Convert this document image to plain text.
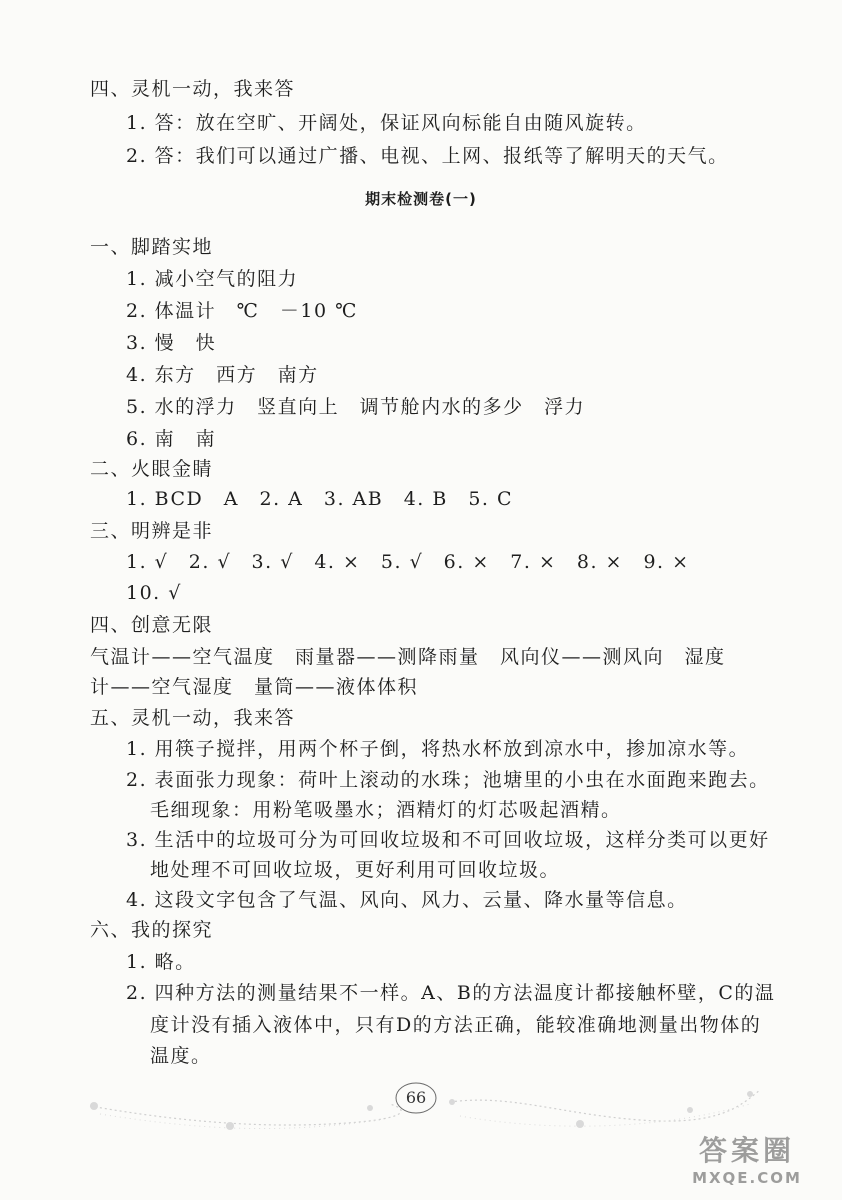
四、灵机一动，我来答
1. 答：放在空旷、开阔处，保证风向标能自由随风旋转。
2. 答：我们可以通过广播、电视、上网、报纸等了解明天的天气。
期末检测卷(一)
一、脚踏实地
1. 减小空气的阻力
2. 体温计　℃　－10 ℃
3. 慢　快
4. 东方　西方　南方
5. 水的浮力　竖直向上　调节舱内水的多少　浮力
6. 南　南
二、火眼金睛
1. BCD　A　2. A　3. AB　4. B　5. C
三、明辨是非
1. √　2. √　3. √　4. ×　5. √　6. ×　7. ×　8. ×　9. ×
10. √
四、创意无限
气温计——空气温度　雨量器——测降雨量　风向仪——测风向　湿度
计——空气湿度　量筒——液体体积
五、灵机一动，我来答
1. 用筷子搅拌，用两个杯子倒，将热水杯放到凉水中，掺加凉水等。
2. 表面张力现象：荷叶上滚动的水珠；池塘里的小虫在水面跑来跑去。
毛细现象：用粉笔吸墨水；酒精灯的灯芯吸起酒精。
3. 生活中的垃圾可分为可回收垃圾和不可回收垃圾，这样分类可以更好
地处理不可回收垃圾，更好利用可回收垃圾。
4. 这段文字包含了气温、风向、风力、云量、降水量等信息。
六、我的探究
1. 略。
2. 四种方法的测量结果不一样。A、B的方法温度计都接触杯壁，C的温
度计没有插入液体中，只有D的方法正确，能较准确地测量出物体的
温度。
66
答案圈
MXQE.COM
